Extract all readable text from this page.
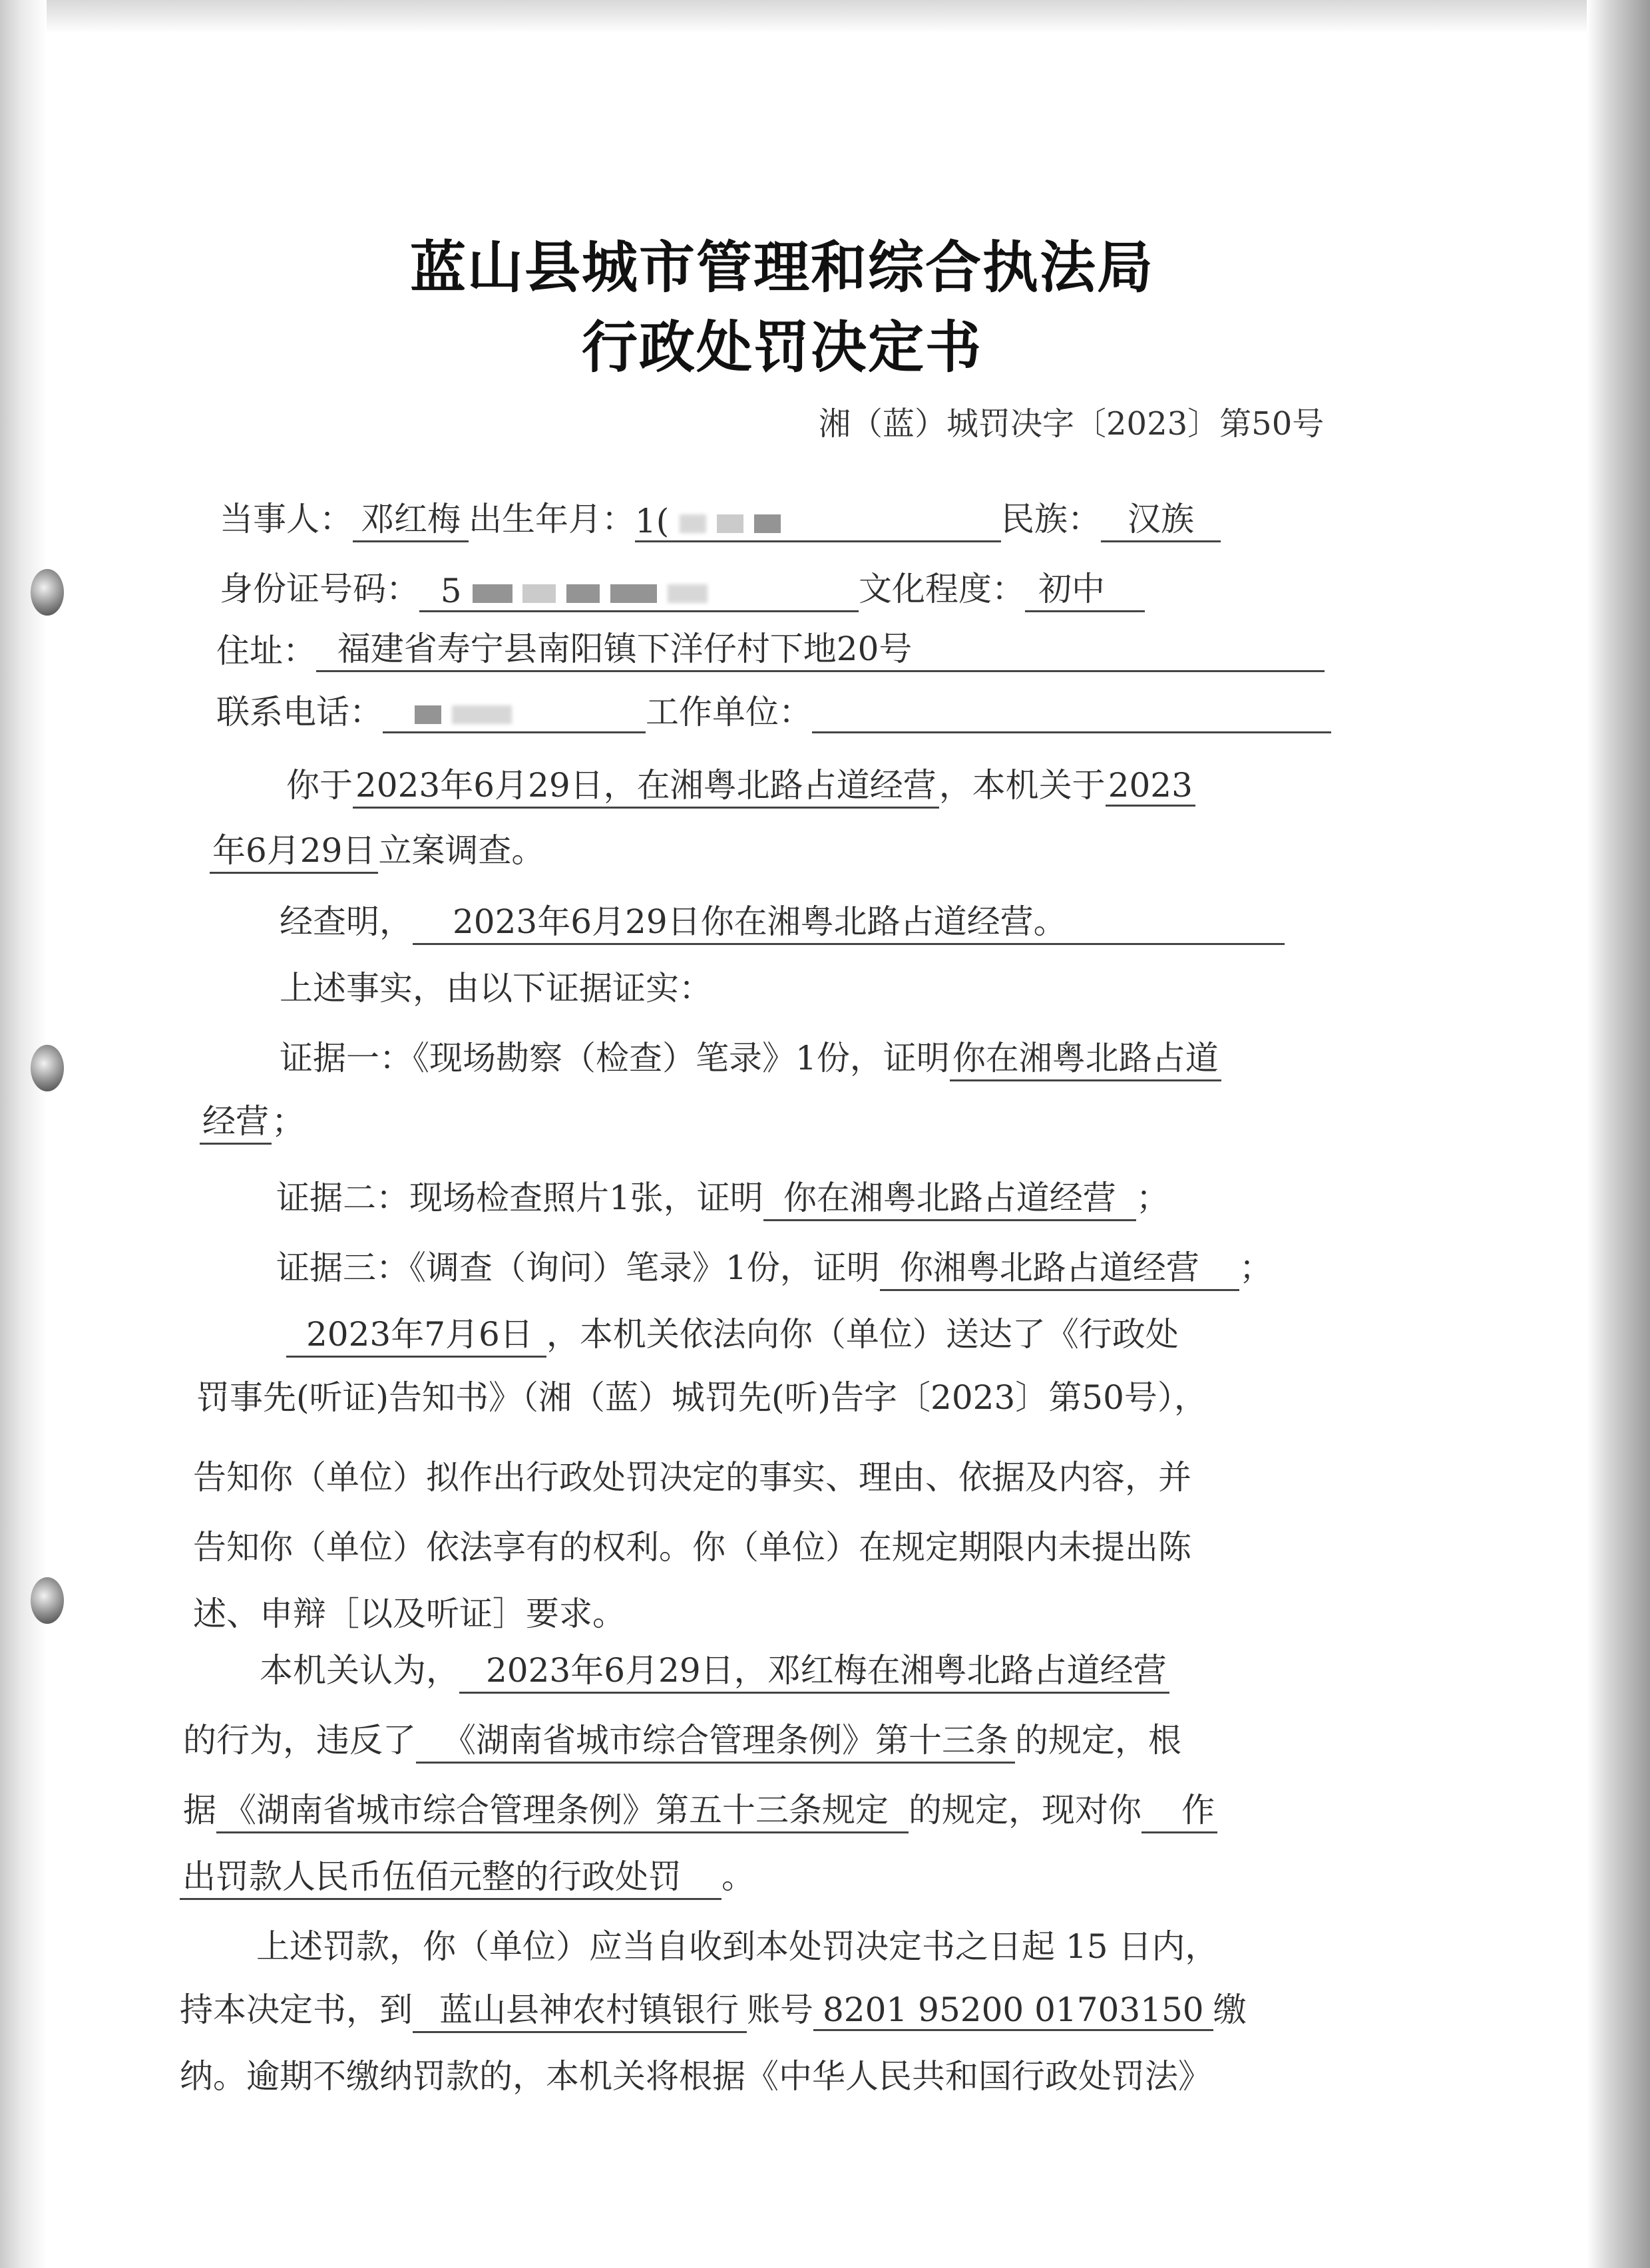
蓝山县城市管理和综合执法局
行政处罚决定书
湘（蓝）城罚决字〔2023〕第50号
当事人： 邓红梅 出生年月：1(	民族： 汉族
身份证号码： 5	文化程度： 初中
住址： 福建省寿宁县南阳镇下洋仔村下地20号
联系电话：	工作单位：
你于2023年6月29日，在湘粤北路占道经营，本机关于2023
年6月29日立案调查。
经查明， 2023年6月29日你在湘粤北路占道经营。
上述事实，由以下证据证实：
证据一：《现场勘察（检查）笔录》1份，证明你在湘粤北路占道
经营；
证据二：现场检查照片1张，证明 你在湘粤北路占道经营 ；
证据三：《调查（询问）笔录》1份，证明 你湘粤北路占道经营 ；
2023年7月6日 ，本机关依法向你（单位）送达了《行政处
罚事先(听证)告知书》（湘（蓝）城罚先(听)告字〔2023〕第50号），
告知你（单位）拟作出行政处罚决定的事实、理由、依据及内容，并
告知你（单位）依法享有的权利。你（单位）在规定期限内未提出陈
述、申辩［以及听证］要求。
本机关认为， 2023年6月29日，邓红梅在湘粤北路占道经营
的行为，违反了 《湖南省城市综合管理条例》第十三条 的规定，根
据 《湖南省城市综合管理条例》第五十三条规定 的规定，现对你 作
出罚款人民币伍佰元整的行政处罚 。
上述罚款，你（单位）应当自收到本处罚决定书之日起 15 日内，
持本决定书，到 蓝山县神农村镇银行 账号 8201 95200 01703150 缴
纳。逾期不缴纳罚款的，本机关将根据《中华人民共和国行政处罚法》
